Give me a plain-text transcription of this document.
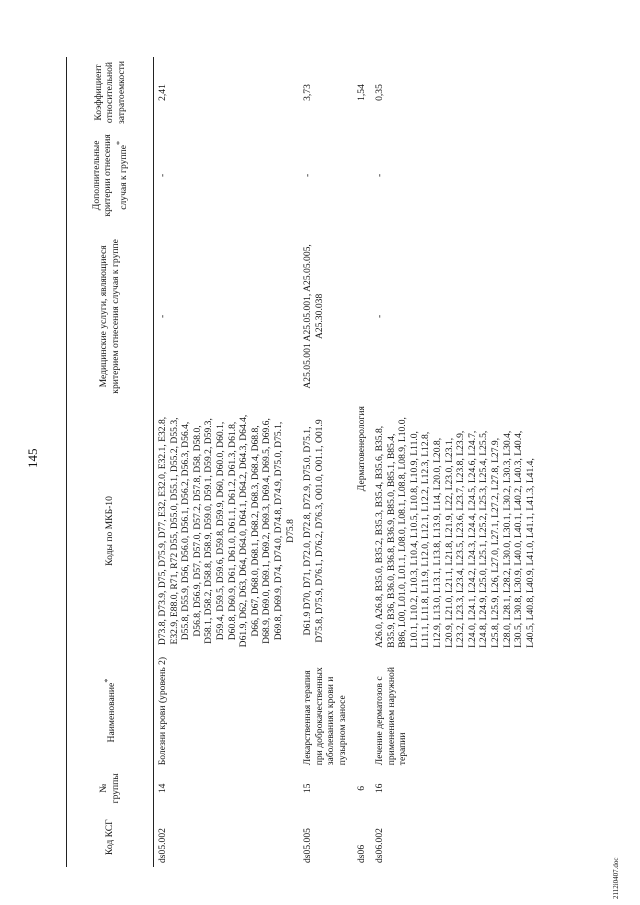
145
2112i0407.doc
Код КСГ	№ группы	Наименование*	Коды по МКБ-10	Медицинские услуги, являющиеся критерием отнесения случая к группе	Дополнительные критерии отнесения случая к группе*	Коэффициент относительной затратоемкости
ds05.002	14	Болезни крови (уровень 2)	D73.8, D73.9, D75, D75.9, D77, E32, E32.0, E32.1, E32.8, E32.9, E88.0, R71, R72 D55, D55.0, D55.1, D55.2, D55.3, D55.8, D55.9, D56, D56.0, D56.1, D56.2, D56.3, D56.4, D56.8, D56.9, D57, D57.0, D57.2, D57.8, D58, D58.0, D58.1, D58.2, D58.8, D58.9, D59.0, D59.1, D59.2, D59.3, D59.4, D59.5, D59.6, D59.8, D59.9, D60, D60.0, D60.1, D60.8, D60.9, D61, D61.0, D61.1, D61.2, D61.3, D61.8, D61.9, D62, D63, D64, D64.0, D64.1, D64.2, D64.3, D64.4, D66, D67, D68.0, D68.1, D68.2, D68.3, D68.4, D68.8, D68.9, D69.0, D69.1, D69.2, D69.3, D69.4, D69.5, D69.6, D69.8, D69.9, D74, D74.0, D74.8, D74.9, D75.0, D75.1, D75.8	-	-	2,41
ds05.005	15	Лекарственная терапия при доброкачественных заболеваниях крови и пузырном заносе	D61.9 D70, D71, D72.0, D72.8, D72.9, D75.0, D75.1, D75.8, D75.9, D76.1, D76.2, D76.3, O01.0, O01.1, O01.9	A25.05.001 A25.05.001, A25.05.005, A25.30.038	-	3,73
ds06	6	Дерматовенерология				1,54
ds06.002	16	Лечение дерматозов с применением наружной терапии	A26.0, A26.8, B35.0, B35.2, B35.3, B35.4, B35.6, B35.8, B35.9, B36, B36.0, B36.8, B36.9, B85.0, B85.1, B85.4, B86, L00, L01.0, L01.1, L08.0, L08.1, L08.8, L08.9, L10.0, L10.1, L10.2, L10.3, L10.4, L10.5, L10.8, L10.9, L11.0, L11.1, L11.8, L11.9, L12.0, L12.1, L12.2, L12.3, L12.8, L12.9, L13.0, L13.1, L13.8, L13.9, L14, L20.0, L20.8, L20.9, L21.0, L21.1, L21.8, L21.9, L22, L23.0, L23.1, L23.2, L23.3, L23.4, L23.5, L23.6, L23.7, L23.8, L23.9, L24.0, L24.1, L24.2, L24.3, L24.4, L24.5, L24.6, L24.7, L24.8, L24.9, L25.0, L25.1, L25.2, L25.3, L25.4, L25.5, L25.8, L25.9, L26, L27.0, L27.1, L27.2, L27.8, L27.9, L28.0, L28.1, L28.2, L30.0, L30.1, L30.2, L30.3, L30.4, L30.5, L30.8, L30.9, L40.0, L40.1, L40.2, L40.3, L40.4, L40.5, L40.8, L40.9, L41.0, L41.1, L41.3, L41.4,	-	-	0,35
